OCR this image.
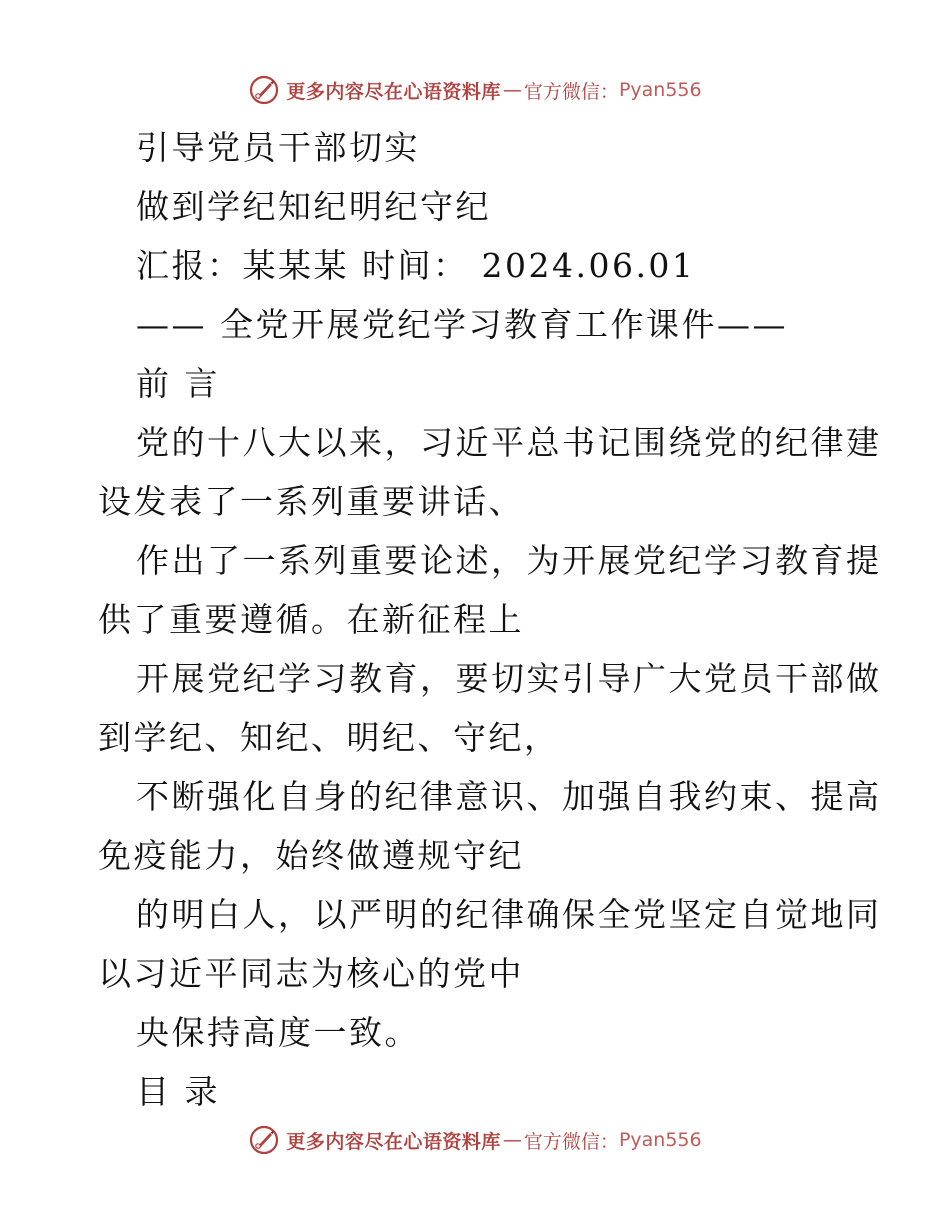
更多内容尽在心语资料库 — 官方微信： Pyan556
引导党员干部切实
做到学纪知纪明纪守纪
汇报：某某某 时间： 2024.06.01
—— 全党开展党纪学习教育工作课件——
前 言
党的十八大以来，习近平总书记围绕党的纪律建
设发表了一系列重要讲话、
作出了一系列重要论述，为开展党纪学习教育提
供了重要遵循。在新征程上
开展党纪学习教育，要切实引导广大党员干部做
到学纪、知纪、明纪、守纪，
不断强化自身的纪律意识、加强自我约束、提高
免疫能力，始终做遵规守纪
的明白人，以严明的纪律确保全党坚定自觉地同
以习近平同志为核心的党中
央保持高度一致。
目 录
更多内容尽在心语资料库 — 官方微信： Pyan556
